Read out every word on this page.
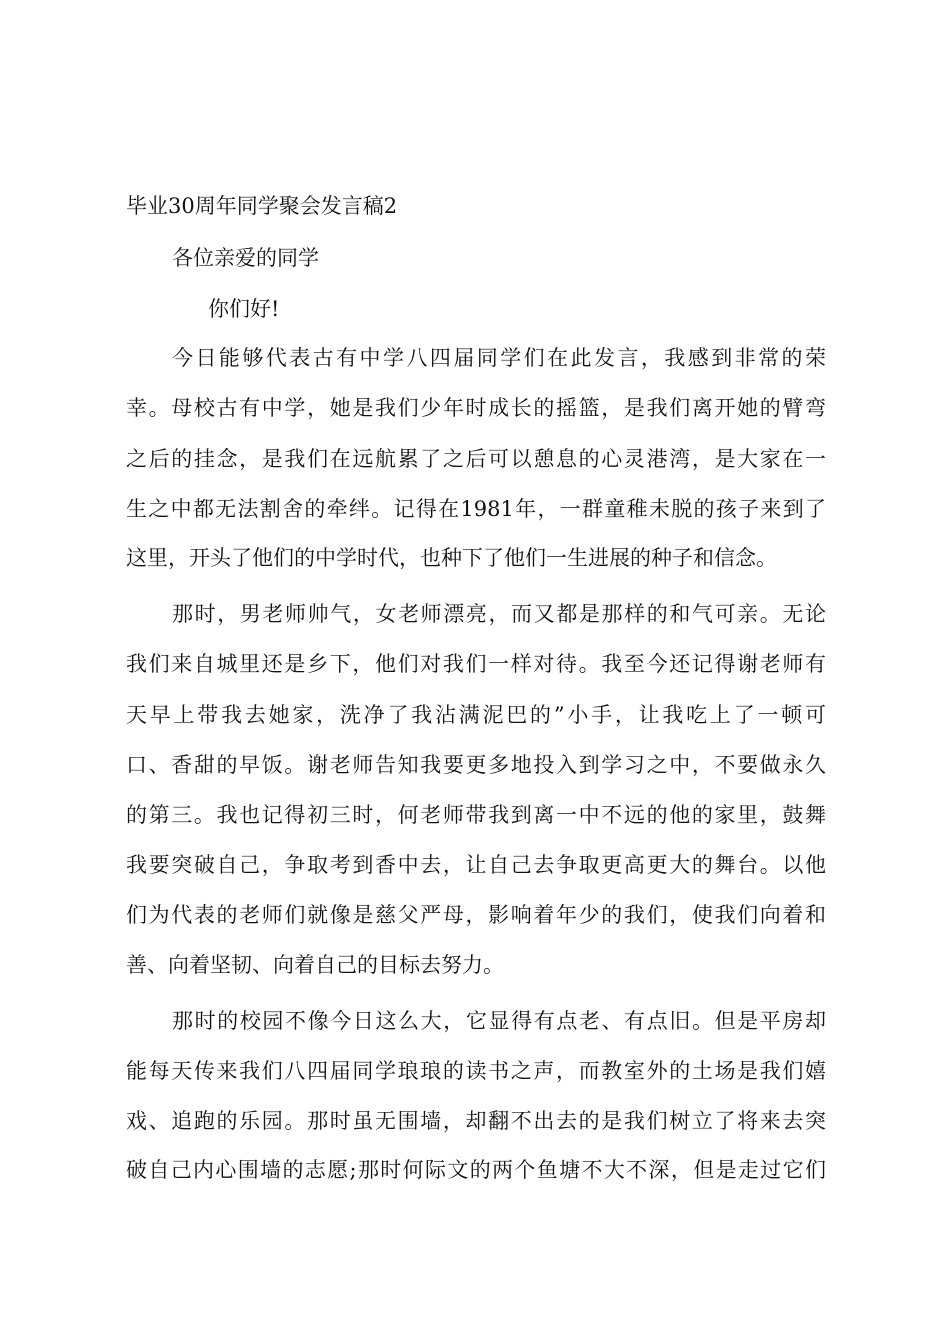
毕业30周年同学聚会发言稿2
各位亲爱的同学
你们好!
今日能够代表古有中学八四届同学们在此发言，我感到非常的荣
幸。母校古有中学，她是我们少年时成长的摇篮，是我们离开她的臂弯
之后的挂念，是我们在远航累了之后可以憩息的心灵港湾，是大家在一
生之中都无法割舍的牵绊。记得在1981年，一群童稚未脱的孩子来到了
这里，开头了他们的中学时代，也种下了他们一生进展的种子和信念。
那时，男老师帅气，女老师漂亮，而又都是那样的和气可亲。无论
我们来自城里还是乡下，他们对我们一样对待。我至今还记得谢老师有
天早上带我去她家，洗净了我沾满泥巴的”小手，让我吃上了一顿可
口、香甜的早饭。谢老师告知我要更多地投入到学习之中，不要做永久
的第三。我也记得初三时，何老师带我到离一中不远的他的家里，鼓舞
我要突破自己，争取考到香中去，让自己去争取更高更大的舞台。以他
们为代表的老师们就像是慈父严母，影响着年少的我们，使我们向着和
善、向着坚韧、向着自己的目标去努力。
那时的校园不像今日这么大，它显得有点老、有点旧。但是平房却
能每天传来我们八四届同学琅琅的读书之声，而教室外的土场是我们嬉
戏、追跑的乐园。那时虽无围墙，却翻不出去的是我们树立了将来去突
破自己内心围墙的志愿;那时何际文的两个鱼塘不大不深，但是走过它们
